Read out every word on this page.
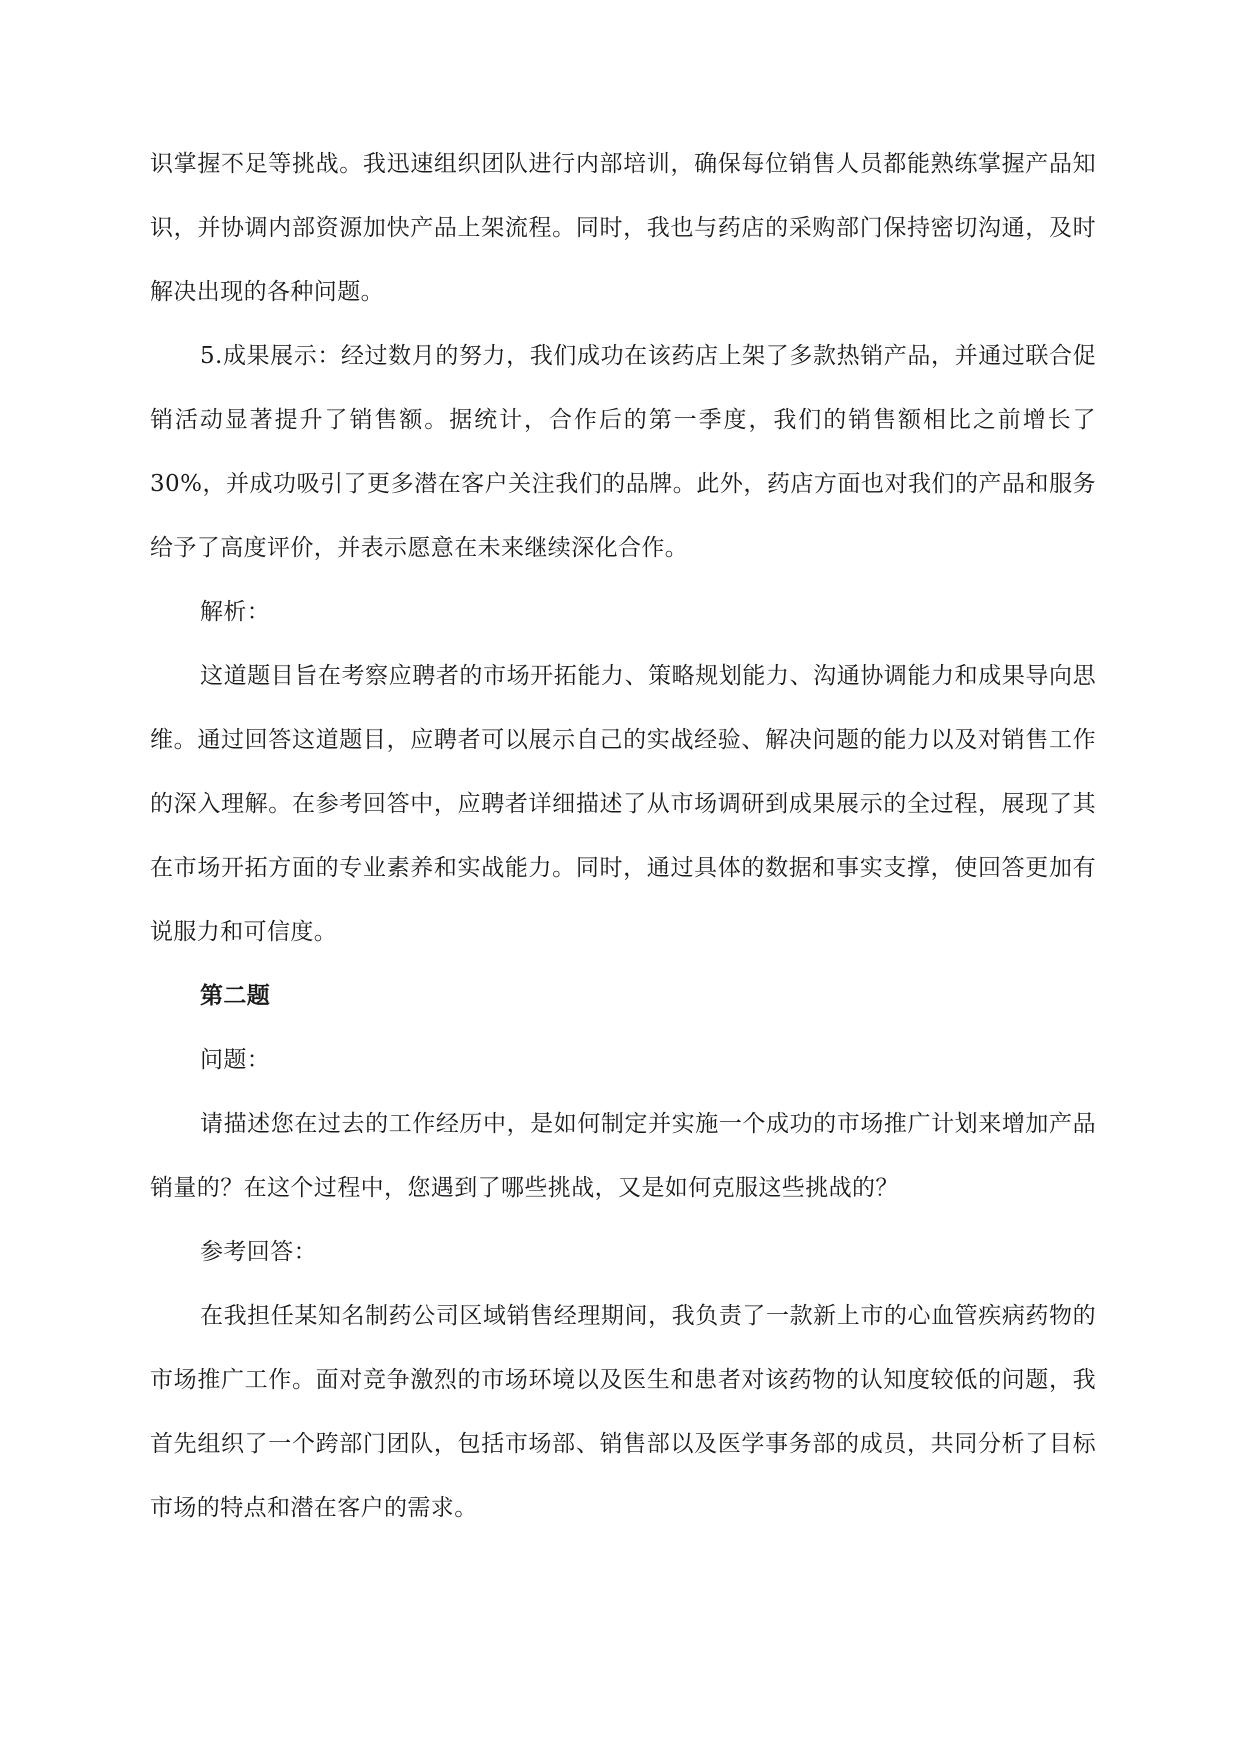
识掌握不足等挑战。我迅速组织团队进行内部培训，确保每位销售人员都能熟练掌握产品知识，并协调内部资源加快产品上架流程。同时，我也与药店的采购部门保持密切沟通，及时解决出现的各种问题。

5.成果展示：经过数月的努力，我们成功在该药店上架了多款热销产品，并通过联合促销活动显著提升了销售额。据统计，合作后的第一季度，我们的销售额相比之前增长了30%，并成功吸引了更多潜在客户关注我们的品牌。此外，药店方面也对我们的产品和服务给予了高度评价，并表示愿意在未来继续深化合作。

解析：

这道题目旨在考察应聘者的市场开拓能力、策略规划能力、沟通协调能力和成果导向思维。通过回答这道题目，应聘者可以展示自己的实战经验、解决问题的能力以及对销售工作的深入理解。在参考回答中，应聘者详细描述了从市场调研到成果展示的全过程，展现了其在市场开拓方面的专业素养和实战能力。同时，通过具体的数据和事实支撑，使回答更加有说服力和可信度。

第二题

问题：

请描述您在过去的工作经历中，是如何制定并实施一个成功的市场推广计划来增加产品销量的？在这个过程中，您遇到了哪些挑战，又是如何克服这些挑战的？

参考回答：

在我担任某知名制药公司区域销售经理期间，我负责了一款新上市的心血管疾病药物的市场推广工作。面对竞争激烈的市场环境以及医生和患者对该药物的认知度较低的问题，我首先组织了一个跨部门团队，包括市场部、销售部以及医学事务部的成员，共同分析了目标市场的特点和潜在客户的需求。
